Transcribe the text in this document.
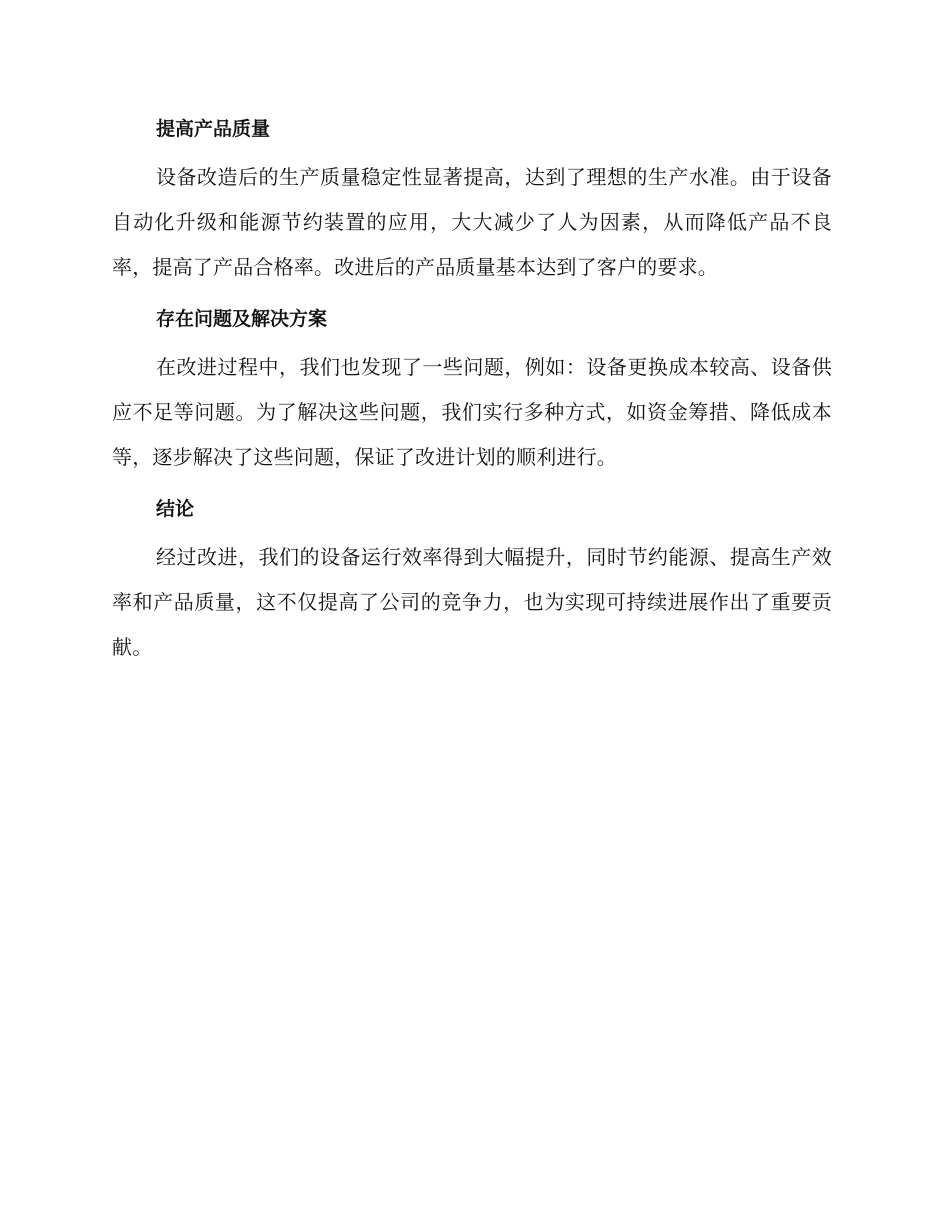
提高产品质量

设备改造后的生产质量稳定性显著提高，达到了理想的生产水准。由于设备自动化升级和能源节约装置的应用，大大减少了人为因素，从而降低产品不良率，提高了产品合格率。改进后的产品质量基本达到了客户的要求。

存在问题及解决方案

在改进过程中，我们也发现了一些问题，例如：设备更换成本较高、设备供应不足等问题。为了解决这些问题，我们实行多种方式，如资金筹措、降低成本等，逐步解决了这些问题，保证了改进计划的顺利进行。

结论

经过改进，我们的设备运行效率得到大幅提升，同时节约能源、提高生产效率和产品质量，这不仅提高了公司的竞争力，也为实现可持续进展作出了重要贡献。
